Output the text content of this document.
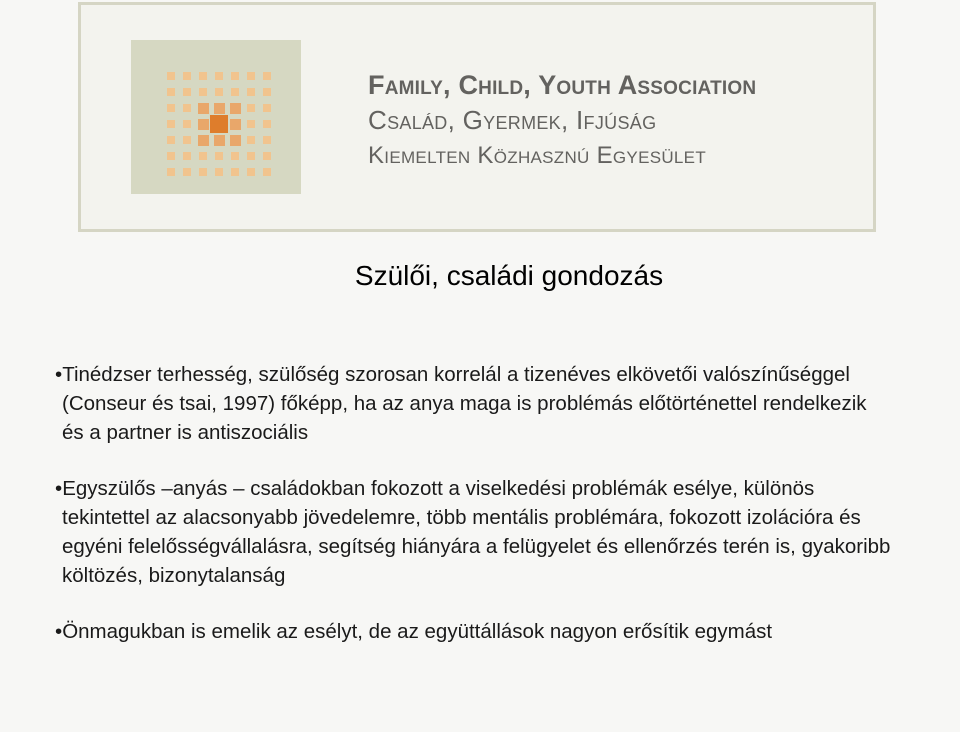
Family, Child, Youth Association
Család, Gyermek, Ifjúság
Kiemelten Közhasznú Egyesület
Szülői, családi gondozás

•Tinédzser terhesség, szülőség szorosan korrelál a tizenéves elkövetői valószínűséggel (Conseur és tsai, 1997) főképp, ha az anya maga is problémás előtörténettel rendelkezik és a partner is antiszociális

•Egyszülős –anyás – családokban fokozott a viselkedési problémák esélye, különös tekintettel az alacsonyabb jövedelemre, több mentális problémára, fokozott izolációra és egyéni felelősségvállalásra, segítség hiányára a felügyelet és ellenőrzés terén is, gyakoribb költözés, bizonytalanság

•Önmagukban is emelik az esélyt, de az együttállások nagyon erősítik egymást
